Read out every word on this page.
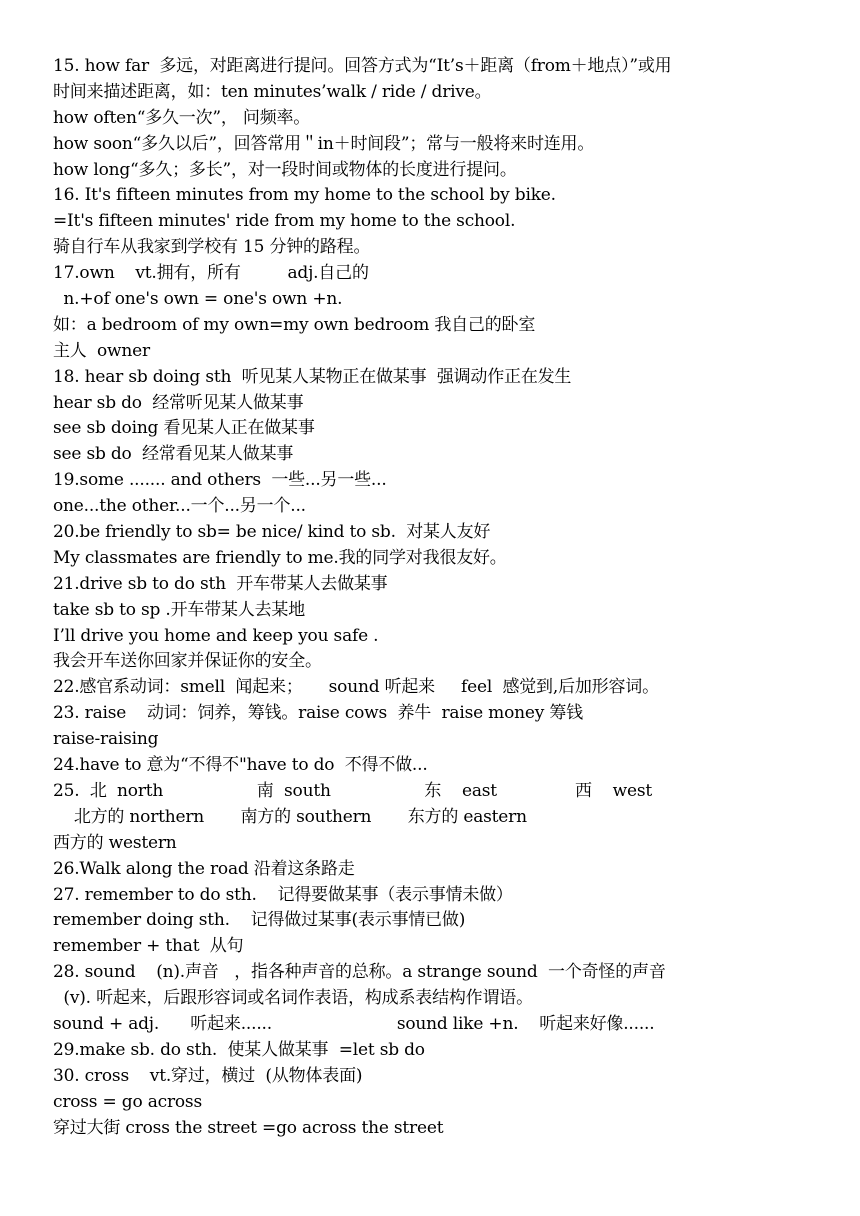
15. how far  多远，对距离进行提问。回答方式为“It’s＋距离（from＋地点）”或用
时间来描述距离，如：ten minutes’walk / ride / drive。
how often“多久一次”， 问频率。
how soon“多久以后”，回答常用＂in＋时间段”；常与一般将来时连用。
how long“多久；多长”，对一段时间或物体的长度进行提问。
16. It's fifteen minutes from my home to the school by bike.
=It's fifteen minutes' ride from my home to the school.
骑自行车从我家到学校有 15 分钟的路程。
17.own    vt.拥有，所有         adj.自己的
n.+of one's own = one's own +n.
如：a bedroom of my own=my own bedroom 我自己的卧室
主人  owner
18. hear sb doing sth  听见某人某物正在做某事  强调动作正在发生
hear sb do  经常听见某人做某事
see sb doing 看见某人正在做某事
see sb do  经常看见某人做某事
19.some ....... and others  一些...另一些...
one...the other...一个...另一个...
20.be friendly to sb= be nice/ kind to sb.  对某人友好
My classmates are friendly to me.我的同学对我很友好。
21.drive sb to do sth  开车带某人去做某事
take sb to sp .开车带某人去某地
I’ll drive you home and keep you safe .
我会开车送你回家并保证你的安全。
22.感官系动词：smell  闻起来；     sound 听起来     feel  感觉到,后加形容词。
23. raise    动词：饲养，筹钱。raise cows  养牛  raise money 筹钱
raise-raising
24.have to 意为“不得不"have to do  不得不做...
25.  北  north                  南  south                  东    east               西    west
北方的 northern       南方的 southern       东方的 eastern
西方的 western
26.Walk along the road 沿着这条路走
27. remember to do sth.    记得要做某事（表示事情未做）
remember doing sth.    记得做过某事(表示事情已做)
remember + that  从句
28. sound    (n).声音   ，指各种声音的总称。a strange sound  一个奇怪的声音
(v). 听起来，后跟形容词或名词作表语，构成系表结构作谓语。
sound + adj.      听起来......                        sound like +n.    听起来好像......
29.make sb. do sth.  使某人做某事  =let sb do
30. cross    vt.穿过，横过  (从物体表面)
cross = go across
穿过大街 cross the street =go across the street
